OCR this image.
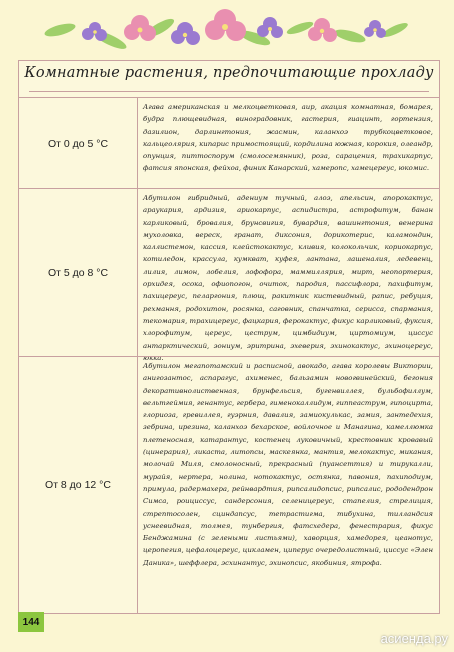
Комнатные растения, предпочитающие прохладу
От 0 до 5 °С
Агава американская и мелкоцветковая, аир, акация комнатная, бомарея, будра плющевидная, виноградовник, гастерия, гиацинт, гортензия, дазилион, дарлингтония, жасмин, каланхоэ трубкоцветковое, кальцеолярия, кипарис примостоящий, кордилина южная, корокия, олеандр, опунция, питтоспорум (смолосемянник), роза, сарацения, трахикарпус, фатсия японская, фейхоа, финик Канарский, хамеропс, хамецереус, юкомис.
От 5 до 8 °С
Абутилон гибридный, адениум тучный, алоэ, апельсин, апорокактус, араукария, ардизия, ариокарпус, аспидистра, астрофитум, банан карликовый, бровалия, брунсвигия, бувардия, вашингтония, венерина мухоловка, вереск, гранат, диксония, дорикотерис, каламондин, каллистемон, кассия, клейстокактус, кливия, колокольчик, кориокарпус, котиледон, крассула, кумкват, куфея, лантана, лашеналия, ледевенц, лилия, лимон, лобелия, лофофора, маммиллярия, мирт, неопортерия, орхидея, осока, офиопогон, очиток, пародия, пассифлора, пахифитум, пахицереус, пеларгония, плющ, ракитник кистевидный, рапис, ребуция, рехмання, родохитон, росянка, саговник, спанчатка, сериссa, спармания, текомария, трахицереус, фацкария, ферокактус, фикус карликовый, фуксия, хлорофитум, цереус, цеструм, цимбидиум, циртомиум, циссус антарктический, эониум, эритрина, эхеверия, эхинокактус, эхиноцереус, юкка.
От 8 до 12 °С
Абутилон мегапотамский и расписной, авокадо, агава королевы Виктории, анигозантос, аспарагус, ахименес, бальзамин новогвинейский, бегония декоративнолиственная, брунфельсия, бугенвиллея, бульбофиллум, вельтгеймия, генантус, гербера, гименокаллидум, гиппеаструм, гипоцирта, глориоза, гревиллея, гуэрния, давалия, замиокулькас, замия, зантедехия, зебрина, ирезина, каланхоэ бехарское, войлочное и Манагина, камеллюмка плетеносная, катарантус, костенец луковичный, крестовник кровавый (цинерария), ликаста, литопсы, маскеянка, мантия, мелокактус, микания, молочай Миля, смолоносный, прекрасный (пуансеттия) и тирукалли, мурайя, нертера, нолина, нотокактус, остянка, павония, пахиподиум, примула, радермахера, рейнвардтия, рипсалидопсис, рипсалис, рододендрон Симса, роициссус, сандерсония, селеницереус, стапелия, стрелиция, стрептосолен, сциндапсус, тетрастигма, тибухина, тилландсия уснеевидная, толмея, тунбергия, фатсхедера, фенестрария, фикус Бенджамина (с зелеными листьями), хаворция, хамедорея, цеанотус, церопегия, цефалоцереус, цикламен, циперус очередолистный, циссус «Элен Даника», шеффлера, эсхинантус, эхинопсис, якобиния, ятрофа.
144
асиенда.ру
